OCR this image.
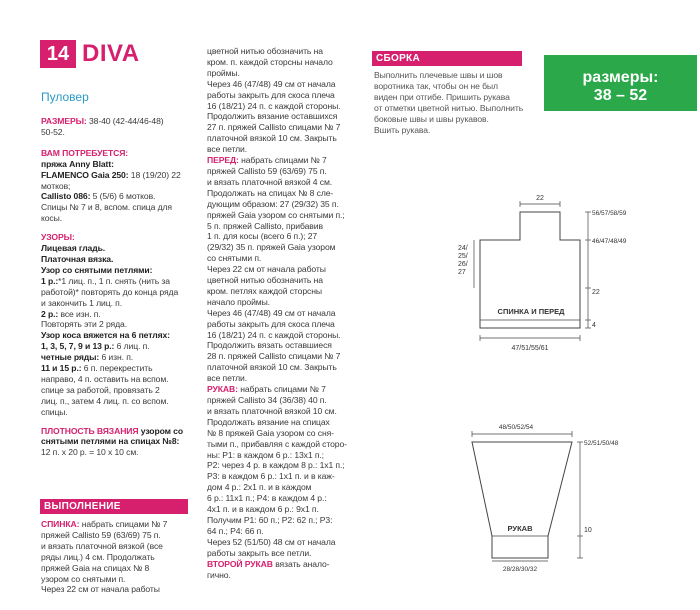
14 DIVA
Пуловер

РАЗМЕРЫ: 38-40 (42-44/46-48)

50-52.

ВАМ ПОТРЕБУЕТСЯ:

пряжа Anny Blatt:

FLAMENCO Gaia 250: 18 (19/20) 22

мотков;

Callisto 086: 5 (5/6) 6 мотков.

Спицы № 7 и 8, вспом. спица для

косы.

УЗОРЫ:

Лицевая гладь.

Платочная вязка.

Узор со снятыми петлями:

1 р.:*1 лиц. п., 1 п. снять (нить за

работой)* повторять до конца ряда

и закончить 1 лиц. п.

2 р.: все изн. п.

Повторять эти 2 ряда.

Узор коса вяжется на 6 петлях:

1, 3, 5, 7, 9 и 13 р.: 6 лиц. п.

четные ряды: 6 изн. п.

11 и 15 р.: 6 п. перекрестить

направо, 4 п. оставить на вспом.

спице за работой, провязать 2

лиц. п., затем 4 лиц. п. со вспом.

спицы.

ПЛОТНОСТЬ ВЯЗАНИЯ узором со

снятыми петлями на спицах №8:

12 п. х 20 р. = 10 х 10 см.

ВЫПОЛНЕНИЕ

СПИНКА: набрать спицами № 7

пряжей Callisto 59 (63/69) 75 п.

и вязать платочной вязкой (все

ряды лиц.) 4 см. Продолжать

пряжей Gaia на спицах № 8

узором со снятыми п.

Через 22 см от начала работы

цветной нитью обозначить на

кром. п. каждой сторсны начало

проймы.

Через 46 (47/48) 49 см от начала

работы закрыть для скоса плеча

16 (18/21) 24 п. с каждой стороны.

Продолжить вязание оставшихся

27 п. пряжей Callisto спицами № 7

платочной вязкой 10 см. Закрыть

все петли.

ПЕРЕД: набрать спицами № 7

пряжей Callisto 59 (63/69) 75 п.

и вязать платочной вязкой 4 см.

Продолжать на спицах № 8 сле-

дующим образом: 27 (29/32) 35 п.

пряжей Gaia узором со снятыми п.;

5 п. пряжей Callisto, прибавив

1 п. для косы (всего 6 п.); 27

(29/32) 35 п. пряжей Gaia узором

со снятыми п.

Через 22 см от начала работы

цветной нитью обозначить на

кром. петлях каждой сторсны

начало проймы.

Через 46 (47/48) 49 см от начала

работы закрыть для скоса плеча

16 (18/21) 24 п. с каждой стороны.

Продолжить вязать оставшиеся

28 п. пряжей Callisto спицами № 7

платочной вязкой 10 см. Закрыть

все петли.

РУКАВ: набрать спицами № 7

пряжей Callisto 34 (36/38) 40 п.

и вязать платочной вязкой 10 см.

Продолжать вязание на спицах

№ 8 пряжей Gaia узором со сня-

тыми п., прибавляя с каждой сторо-

ны: Р1: в каждом 6 р.: 13х1 п.;

Р2: через 4 р. в каждом 8 р.: 1х1 п.;

Р3: в каждом 6 р.: 1х1 п. и в каж-

дом 4 р.: 2х1 п. и в каждом

6 р.: 11х1 п.; Р4: в каждом 4 р.:

4х1 п. и в каждом 6 р.: 9х1 п.

Получим Р1: 60 п.; Р2: 62 п.; Р3:

64 п.; Р4: 66 п.

Через 52 (51/50) 48 см от начала

работы закрыть все петли.

ВТОРОЙ РУКАВ вязать анало-

гично.

СБОРКА

Выполнить плечевые швы и шов

воротника так, чтобы он не был

виден при отгибе. Пришить рукава

от отметки цветной нитью. Выполнить

боковые швы и швы рукавов.

Вшить рукава.

размеры:
38 – 52
22
24/
25/
26/
27
56/57/58/59
46/47/48/49
22
4
СПИНКА И ПЕРЕД
47/51/55/61
48/50/52/54
52/51/50/48
10
РУКАВ
28/28/30/32
